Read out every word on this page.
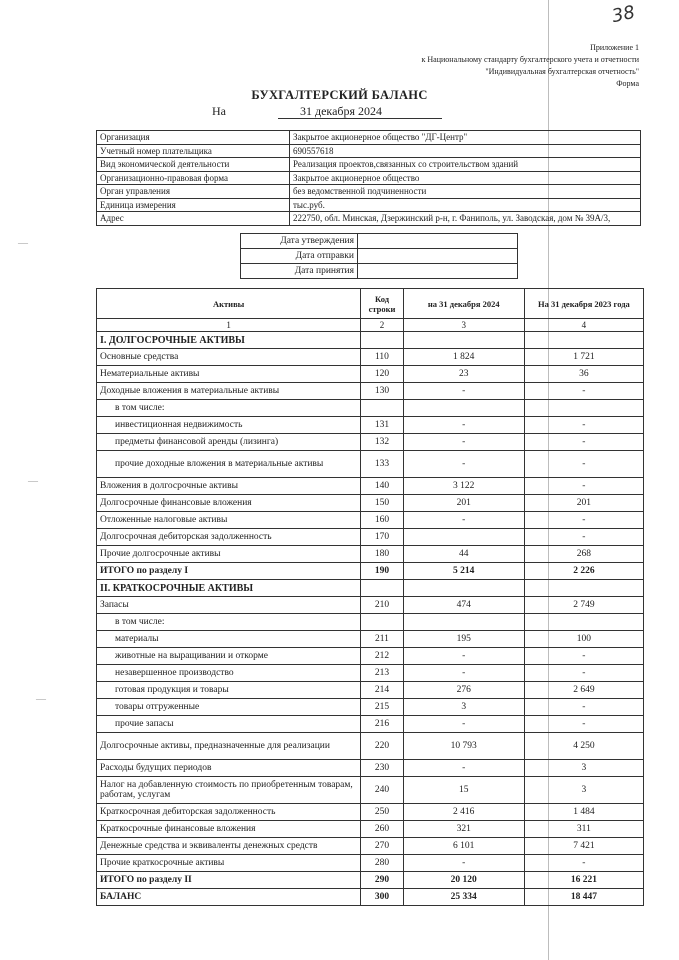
38
Приложение 1
к Национальному стандарту бухгалтерского учета и отчетности
"Индивидуальная бухгалтерская отчетность"
Форма
БУХГАЛТЕРСКИЙ БАЛАНС
На	31 декабря 2024
Организация	Закрытое акционерное общество "ДГ-Центр"
Учетный номер плательщика	690557618
Вид экономической деятельности	Реализация проектов,связанных со строительством зданий
Организационно-правовая форма	Закрытое акционерное общество
Орган управления	без ведомственной подчиненности
Единица измерения	тыс.руб.
Адрес	222750, обл. Минская, Дзержинский р-н, г. Фаниполь, ул. Заводская, дом № 39А/3,
Дата утверждения	
Дата отправки	
Дата принятия	
Активы	Код строки	на 31 декабря 2024	На 31 декабря 2023 года
1	2	3	4
I. ДОЛГОСРОЧНЫЕ АКТИВЫ			
Основные средства	110	1 824	1 721
Нематериальные активы	120	23	36
Доходные вложения в материальные активы	130	-	-
в том числе:			
инвестиционная недвижимость	131	-	-
предметы финансовой аренды (лизинга)	132	-	-
прочие доходные вложения в материальные активы	133	-	-
Вложения в долгосрочные активы	140	3 122	-
Долгосрочные финансовые вложения	150	201	201
Отложенные налоговые активы	160	-	-
Долгосрочная дебиторская задолженность	170		-
Прочие долгосрочные активы	180	44	268
ИТОГО по разделу I	190	5 214	2 226
II. КРАТКОСРОЧНЫЕ АКТИВЫ			
Запасы	210	474	2 749
в том числе:			
материалы	211	195	100
животные на выращивании и откорме	212	-	-
незавершенное производство	213	-	-
готовая продукция и товары	214	276	2 649
товары отгруженные	215	3	-
прочие запасы	216	-	-
Долгосрочные активы, предназначенные для реализации	220	10 793	4 250
Расходы будущих периодов	230	-	3
Налог на добавленную стоимость по приобретенным товарам, работам, услугам	240	15	3
Краткосрочная дебиторская задолженность	250	2 416	1 484
Краткосрочные финансовые вложения	260	321	311
Денежные средства и эквиваленты денежных средств	270	6 101	7 421
Прочие краткосрочные активы	280	-	-
ИТОГО по разделу II	290	20 120	16 221
БАЛАНС	300	25 334	18 447
—
—
—
